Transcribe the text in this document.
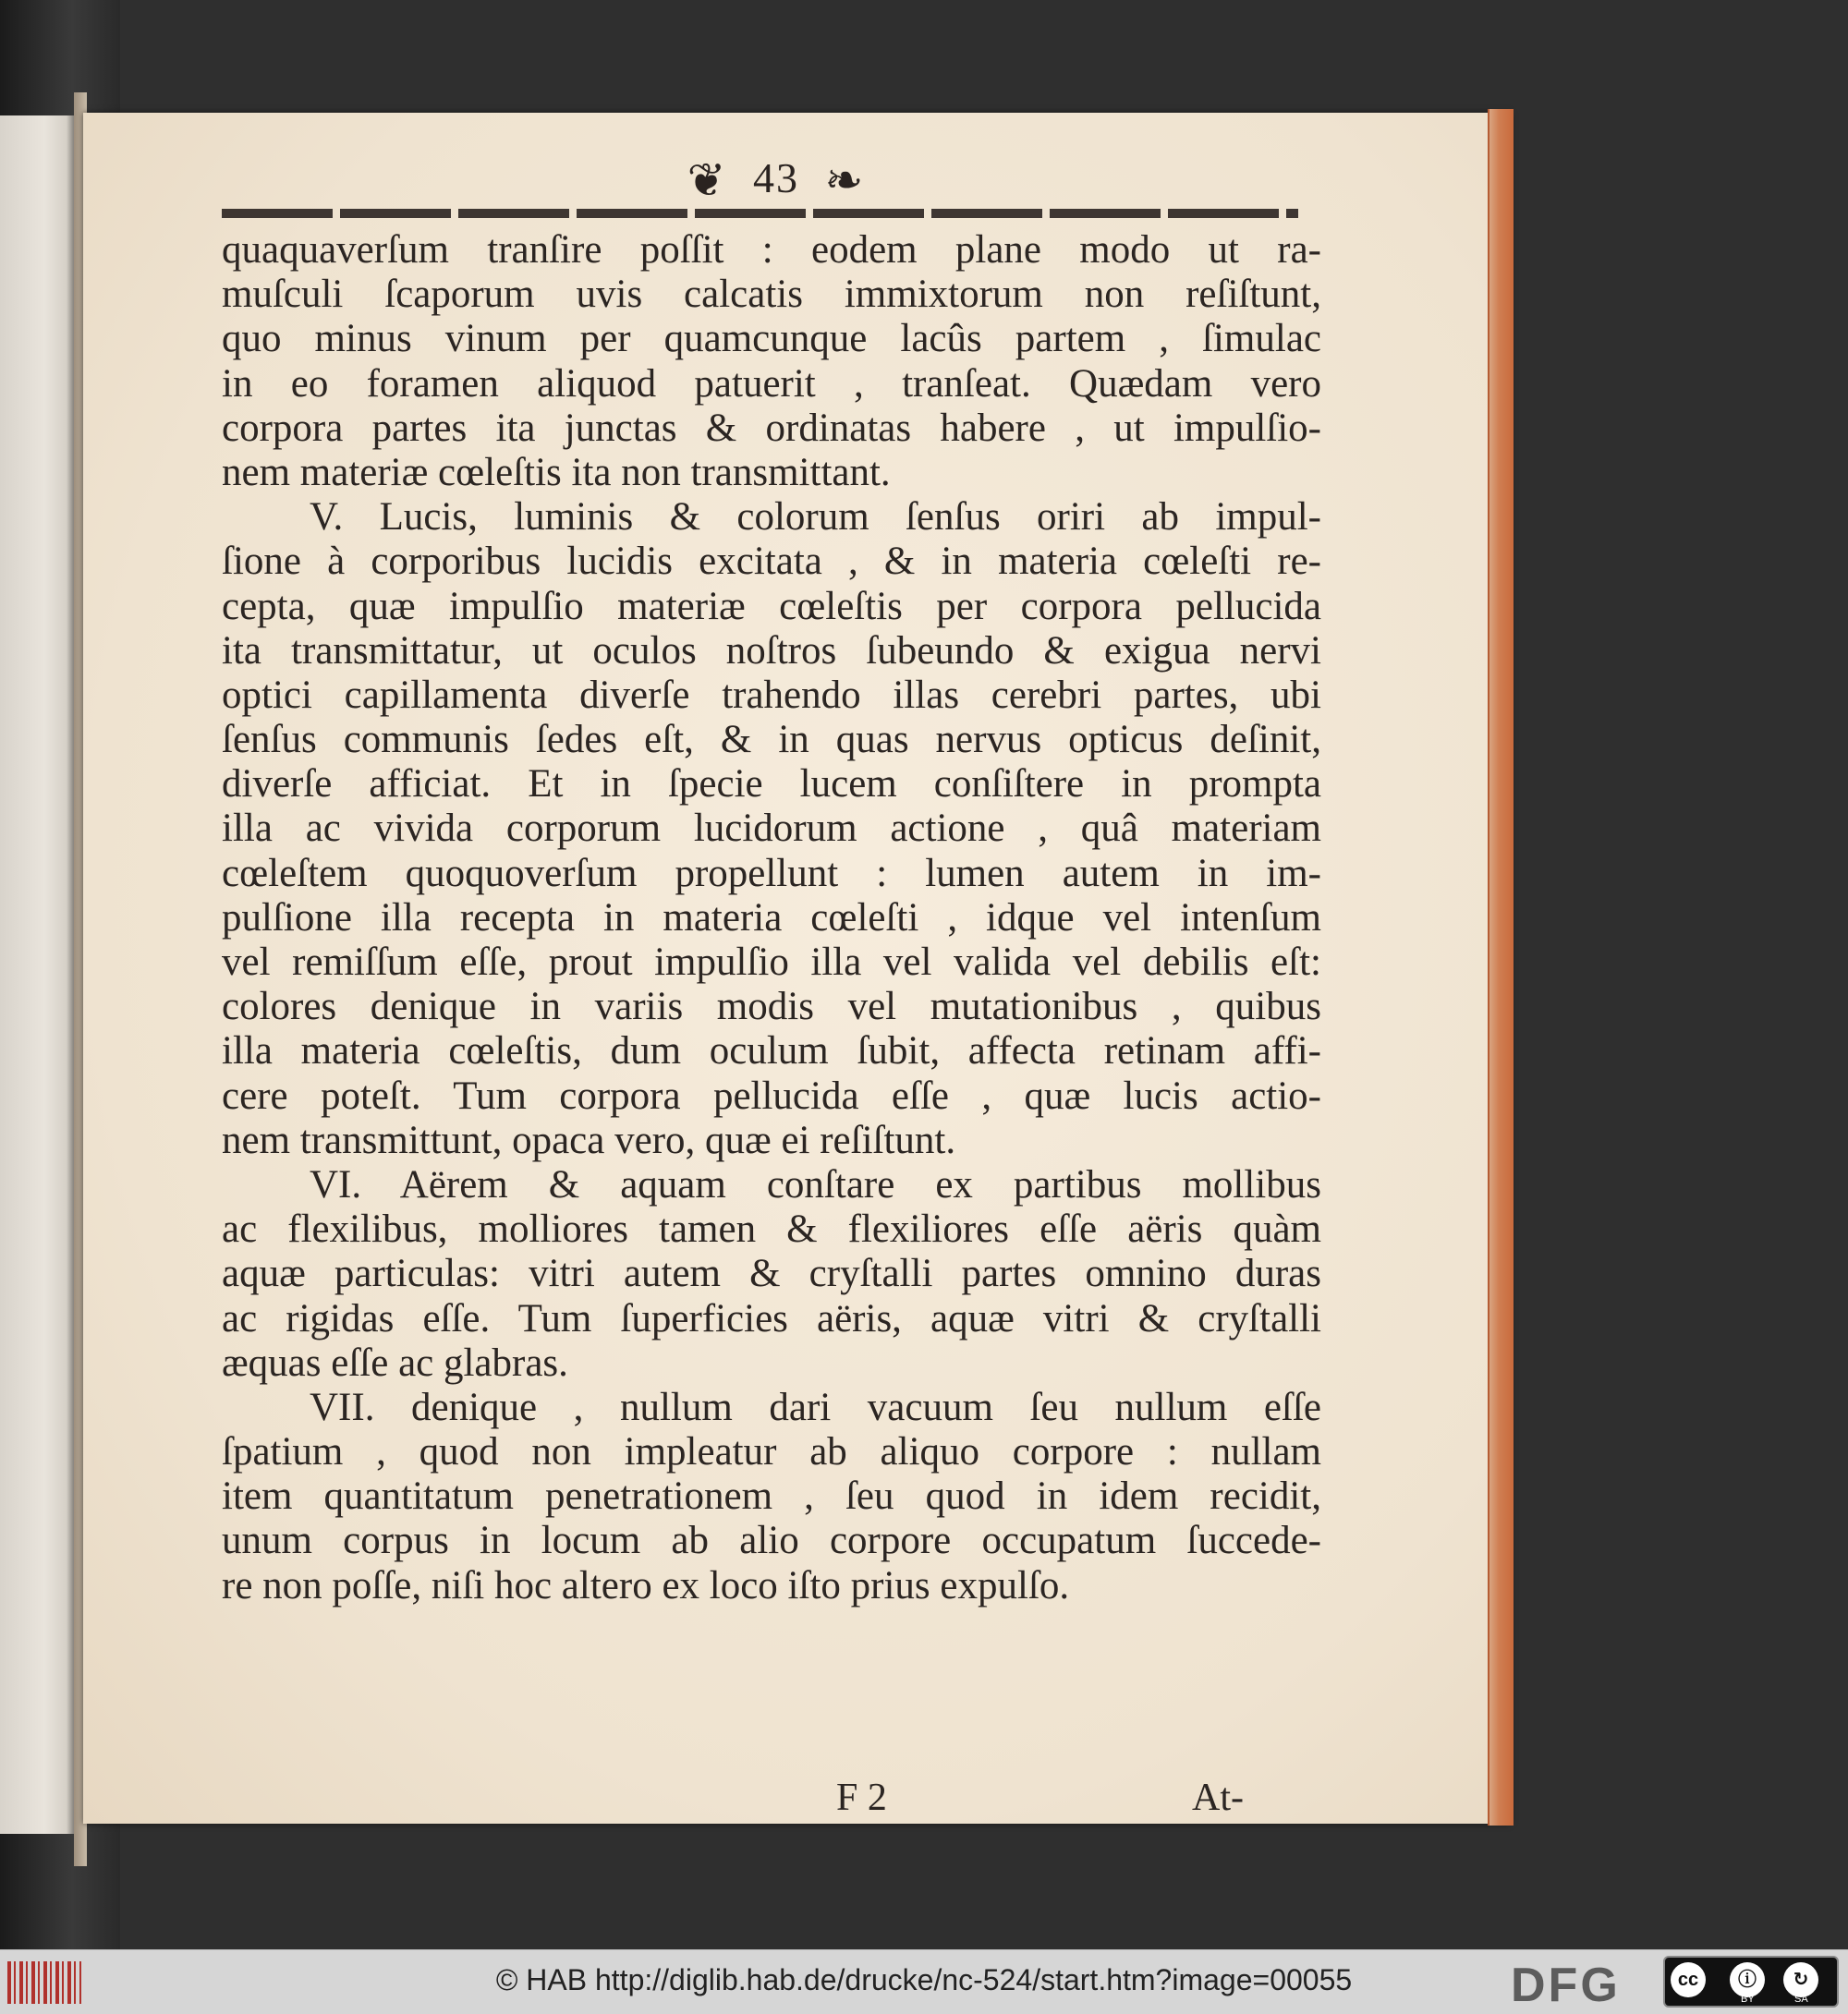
❦ 43 ❧
quaquaverſum tranſire poſſit : eodem plane modo ut ra-
muſculi ſcaporum uvis calcatis immixtorum non reſiſtunt,
quo minus vinum per quamcunque lacûs partem , ſimulac
in eo foramen aliquod patuerit , tranſeat. Quædam vero
corpora partes ita junctas & ordinatas habere , ut impulſio-
nem materiæ cœleſtis ita non transmittant.
V. Lucis, luminis & colorum ſenſus oriri ab impul-
ſione à corporibus lucidis excitata , & in materia cœleſti re-
cepta, quæ impulſio materiæ cœleſtis per corpora pellucida
ita transmittatur, ut oculos noſtros ſubeundo & exigua nervi
optici capillamenta diverſe trahendo illas cerebri partes, ubi
ſenſus communis ſedes eſt, & in quas nervus opticus deſinit,
diverſe afficiat. Et in ſpecie lucem conſiſtere in prompta
illa ac vivida corporum lucidorum actione , quâ materiam
cœleſtem quoquoverſum propellunt : lumen autem in im-
pulſione illa recepta in materia cœleſti , idque vel intenſum
vel remiſſum eſſe, prout impulſio illa vel valida vel debilis eſt:
colores denique in variis modis vel mutationibus , quibus
illa materia cœleſtis, dum oculum ſubit, affecta retinam affi-
cere poteſt. Tum corpora pellucida eſſe , quæ lucis actio-
nem transmittunt, opaca vero, quæ ei reſiſtunt.
VI. Aërem & aquam conſtare ex partibus mollibus
ac flexilibus, molliores tamen & flexiliores eſſe aëris quàm
aquæ particulas: vitri autem & cryſtalli partes omnino duras
ac rigidas eſſe. Tum ſuperficies aëris, aquæ vitri & cryſtalli
æquas eſſe ac glabras.
VII. denique , nullum dari vacuum ſeu nullum eſſe
ſpatium , quod non impleatur ab aliquo corpore : nullam
item quantitatum penetrationem , ſeu quod in idem recidit,
unum corpus in locum ab alio corpore occupatum ſuccede-
re non poſſe, niſi hoc altero ex loco iſto prius expulſo.
F 2	At-
© HAB http://diglib.hab.de/drucke/nc-524/start.htm?image=00055	DFG	cc	ⓘ	↻
BY	SA
